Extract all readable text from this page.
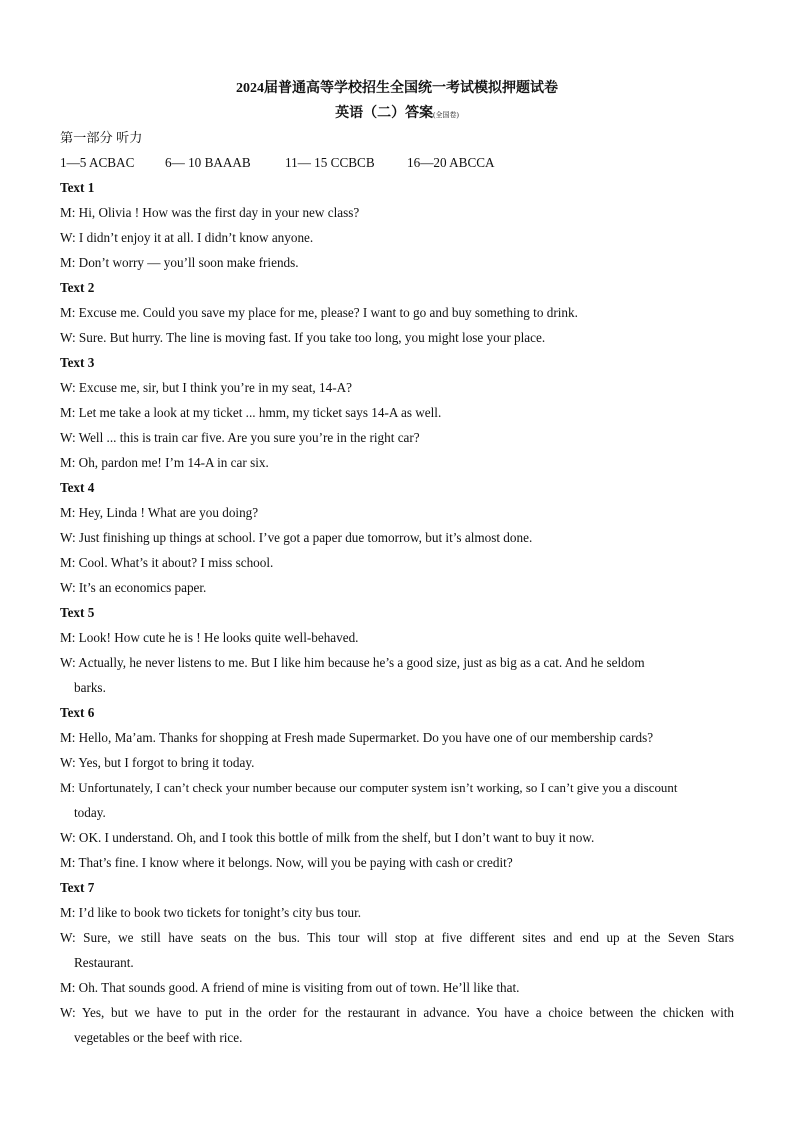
2024届普通高等学校招生全国统一考试模拟押题试卷
英语（二）答案(全国卷)
第一部分 听力
1—5 ACBAC 6— 10 BAAAB	11— 15 CCBCB 16—20 ABCCA
Text 1
M: Hi, Olivia ! How was the first day in your new class?
W: I didn’t enjoy it at all. I didn’t know anyone.
M: Don’t worry — you’ll soon make friends.
Text 2
M: Excuse me. Could you save my place for me, please? I want to go and buy something to drink.
W: Sure. But hurry. The line is moving fast. If you take too long, you might lose your place.
Text 3
W: Excuse me, sir, but I think you’re in my seat, 14-A?
M: Let me take a look at my ticket ... hmm, my ticket says 14-A as well.
W: Well ... this is train car five. Are you sure you’re in the right car?
M: Oh, pardon me! I’m 14-A in car six.
Text 4
M: Hey, Linda ! What are you doing?
W: Just finishing up things at school. I’ve got a paper due tomorrow, but it’s almost done.
M: Cool. What’s it about? I miss school.
W: It’s an economics paper.
Text 5
M: Look! How cute he is ! He looks quite well-behaved.
W: Actually, he never listens to me. But I like him because he’s a good size, just as big as a cat. And he seldom
barks.
Text 6
M: Hello, Ma’am. Thanks for shopping at Fresh made Supermarket. Do you have one of our membership cards?
W: Yes, but I forgot to bring it today.
M: Unfortunately, I can’t check your number because our computer system isn’t working, so I can’t give you a discount
today.
W: OK. I understand. Oh, and I took this bottle of milk from the shelf, but I don’t want to buy it now.
M: That’s fine. I know where it belongs. Now, will you be paying with cash or credit?
Text 7
M: I’d like to book two tickets for tonight’s city bus tour.
W: Sure, we still have seats on the bus. This tour will stop at five different sites and end up at the Seven Stars
Restaurant.
M: Oh. That sounds good. A friend of mine is visiting from out of town. He’ll like that.
W: Yes, but we have to put in the order for the restaurant in advance. You have a choice between the chicken with
vegetables or the beef with rice.
